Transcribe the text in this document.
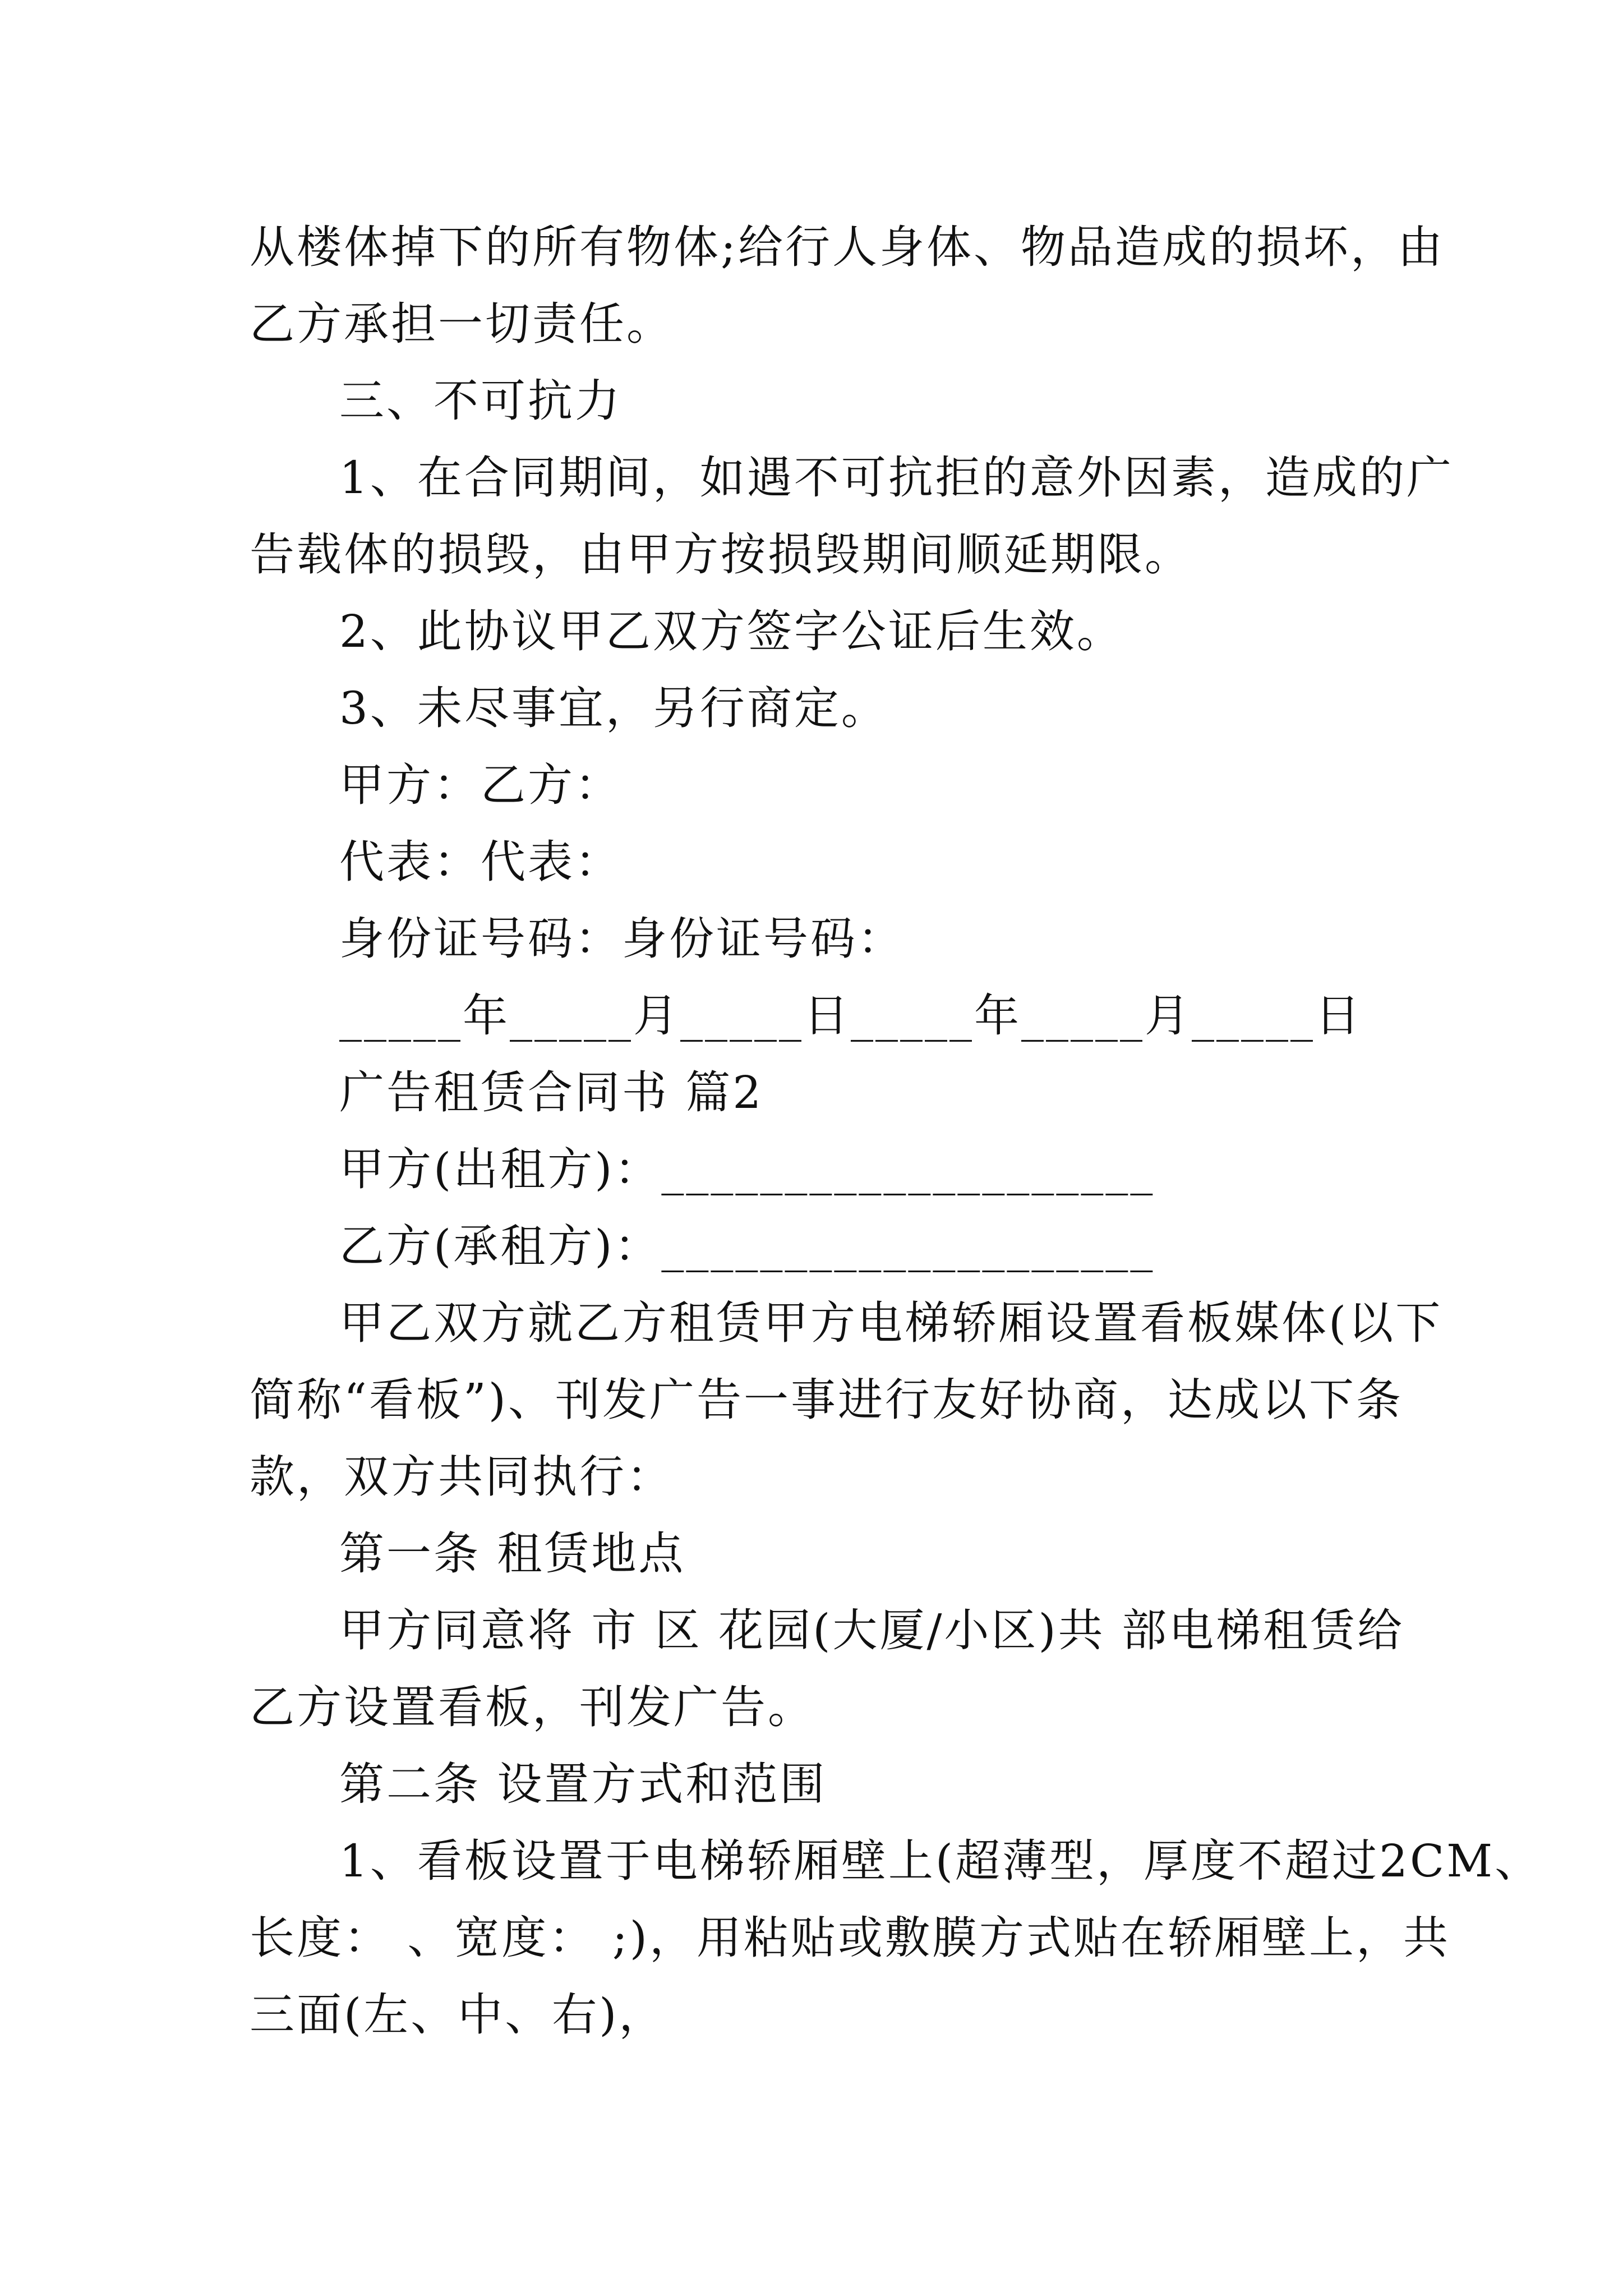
从楼体掉下的所有物体;给行人身体、物品造成的损坏，由

乙方承担一切责任。

三、不可抗力

1、在合同期间，如遇不可抗拒的意外因素，造成的广

告载体的损毁，由甲方按损毁期间顺延期限。

2、此协议甲乙双方签字公证后生效。

3、未尽事宜，另行商定。

甲方：乙方：

代表：代表：

身份证号码：身份证号码：

_____年_____月_____日_____年_____月_____日

广告租赁合同书 篇2

甲方(出租方)：____________________

乙方(承租方)：____________________

甲乙双方就乙方租赁甲方电梯轿厢设置看板媒体(以下

简称“看板”)、刊发广告一事进行友好协商，达成以下条

款，双方共同执行：

第一条 租赁地点

甲方同意将 市 区 花园(大厦/小区)共 部电梯租赁给

乙方设置看板，刊发广告。

第二条 设置方式和范围

1、看板设置于电梯轿厢壁上(超薄型，厚度不超过2CM、

长度： 、宽度： ;)，用粘贴或敷膜方式贴在轿厢壁上，共

三面(左、中、右)，
